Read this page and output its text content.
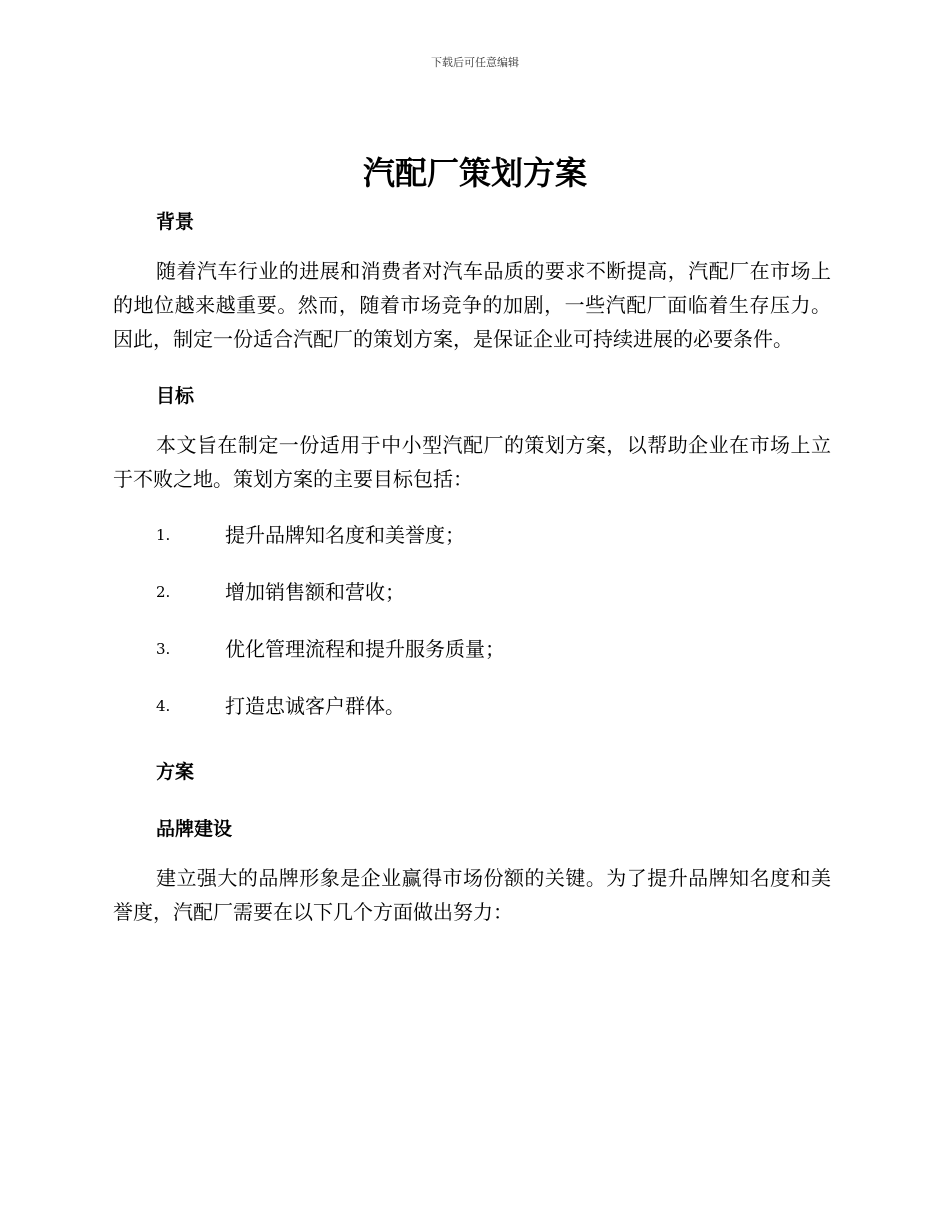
下载后可任意编辑
汽配厂策划方案
背景

随着汽车行业的进展和消费者对汽车品质的要求不断提高，汽配厂在市场上的地位越来越重要。然而，随着市场竞争的加剧，一些汽配厂面临着生存压力。因此，制定一份适合汽配厂的策划方案，是保证企业可持续进展的必要条件。

目标

本文旨在制定一份适用于中小型汽配厂的策划方案，以帮助企业在市场上立于不败之地。策划方案的主要目标包括：

1.	提升品牌知名度和美誉度；
2.	增加销售额和营收；
3.	优化管理流程和提升服务质量；
4.	打造忠诚客户群体。
方案
品牌建设

建立强大的品牌形象是企业赢得市场份额的关键。为了提升品牌知名度和美誉度，汽配厂需要在以下几个方面做出努力：
